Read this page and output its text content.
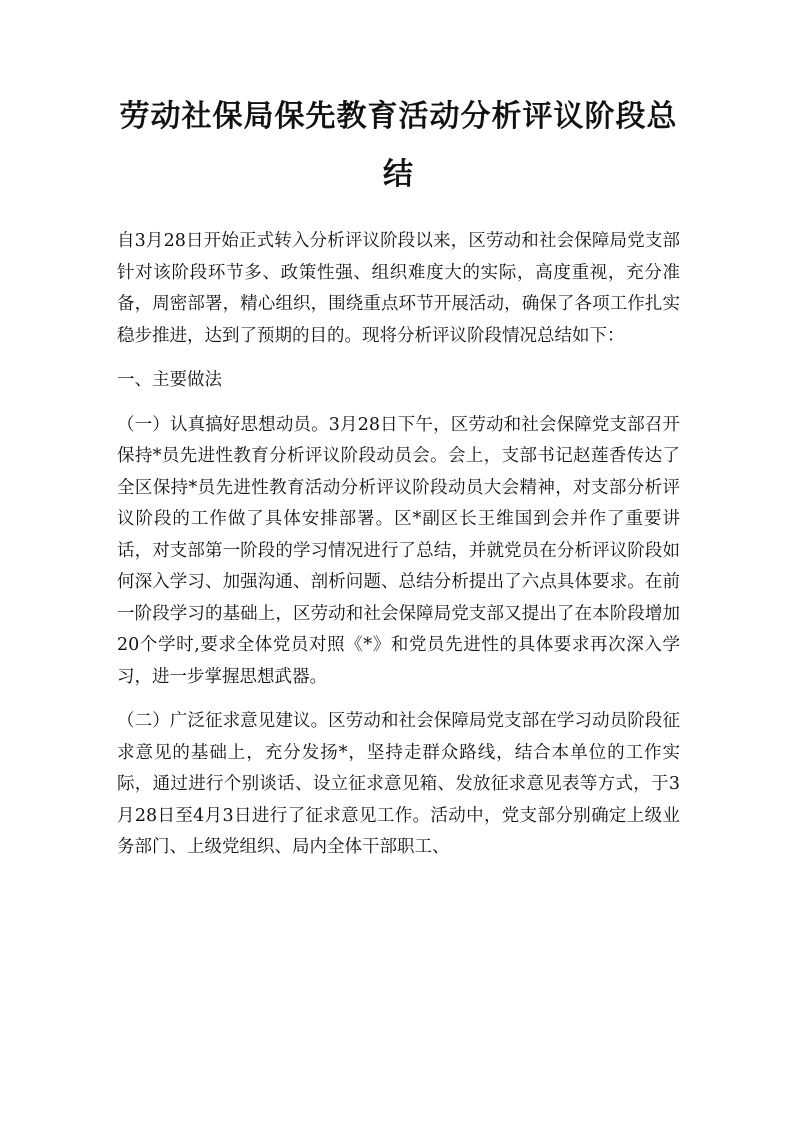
劳动社保局保先教育活动分析评议阶段总
结

自3月28日开始正式转入分析评议阶段以来，区劳动和社会保障局党支部针对该阶段环节多、政策性强、组织难度大的实际，高度重视，充分准备，周密部署，精心组织，围绕重点环节开展活动，确保了各项工作扎实稳步推进，达到了预期的目的。现将分析评议阶段情况总结如下：

一、主要做法

（一）认真搞好思想动员。3月28日下午，区劳动和社会保障党支部召开保持*员先进性教育分析评议阶段动员会。会上，支部书记赵莲香传达了全区保持*员先进性教育活动分析评议阶段动员大会精神，对支部分析评议阶段的工作做了具体安排部署。区*副区长王维国到会并作了重要讲话，对支部第一阶段的学习情况进行了总结，并就党员在分析评议阶段如何深入学习、加强沟通、剖析问题、总结分析提出了六点具体要求。在前一阶段学习的基础上，区劳动和社会保障局党支部又提出了在本阶段增加20个学时,要求全体党员对照《*》和党员先进性的具体要求再次深入学习，进一步掌握思想武器。

（二）广泛征求意见建议。区劳动和社会保障局党支部在学习动员阶段征求意见的基础上，充分发扬*，坚持走群众路线，结合本单位的工作实际，通过进行个别谈话、设立征求意见箱、发放征求意见表等方式，于3月28日至4月3日进行了征求意见工作。活动中，党支部分别确定上级业务部门、上级党组织、局内全体干部职工、
